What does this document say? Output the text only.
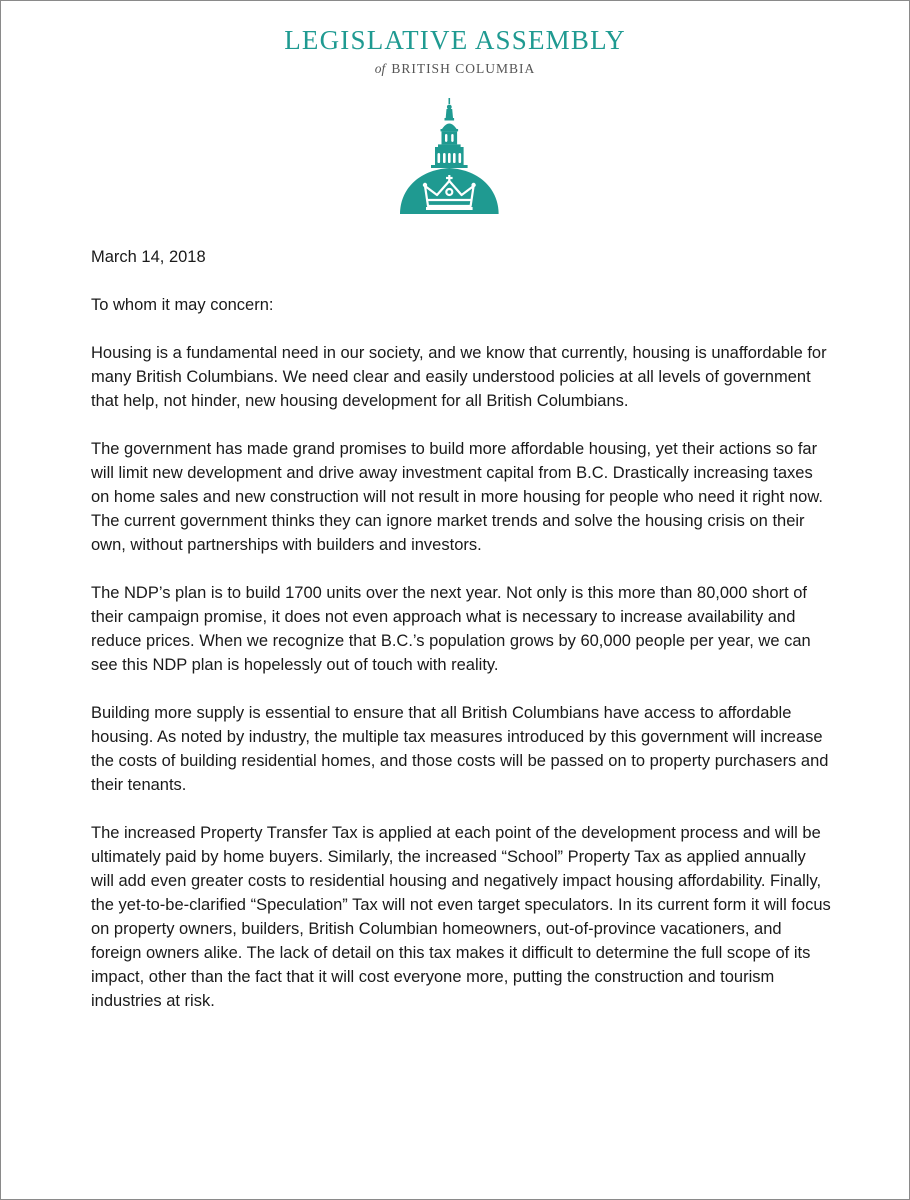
LEGISLATIVE ASSEMBLY
of BRITISH COLUMBIA
March 14, 2018
To whom it may concern:

Housing is a fundamental need in our society, and we know that currently, housing is unaffordable for many British Columbians. We need clear and easily understood policies at all levels of government that help, not hinder, new housing development for all British Columbians.

The government has made grand promises to build more affordable housing, yet their actions so far will limit new development and drive away investment capital from B.C. Drastically increasing taxes on home sales and new construction will not result in more housing for people who need it right now. The current government thinks they can ignore market trends and solve the housing crisis on their own, without partnerships with builders and investors.

The NDP’s plan is to build 1700 units over the next year. Not only is this more than 80,000 short of their campaign promise, it does not even approach what is necessary to increase availability and reduce prices. When we recognize that B.C.’s population grows by 60,000 people per year, we can see this NDP plan is hopelessly out of touch with reality.

Building more supply is essential to ensure that all British Columbians have access to affordable housing. As noted by industry, the multiple tax measures introduced by this government will increase the costs of building residential homes, and those costs will be passed on to property purchasers and their tenants.

The increased Property Transfer Tax is applied at each point of the development process and will be ultimately paid by home buyers. Similarly, the increased “School” Property Tax as applied annually will add even greater costs to residential housing and negatively impact housing affordability. Finally, the yet-to-be-clarified “Speculation” Tax will not even target speculators. In its current form it will focus on property owners, builders, British Columbian homeowners, out-of-province vacationers, and foreign owners alike. The lack of detail on this tax makes it difficult to determine the full scope of its impact, other than the fact that it will cost everyone more, putting the construction and tourism industries at risk.
